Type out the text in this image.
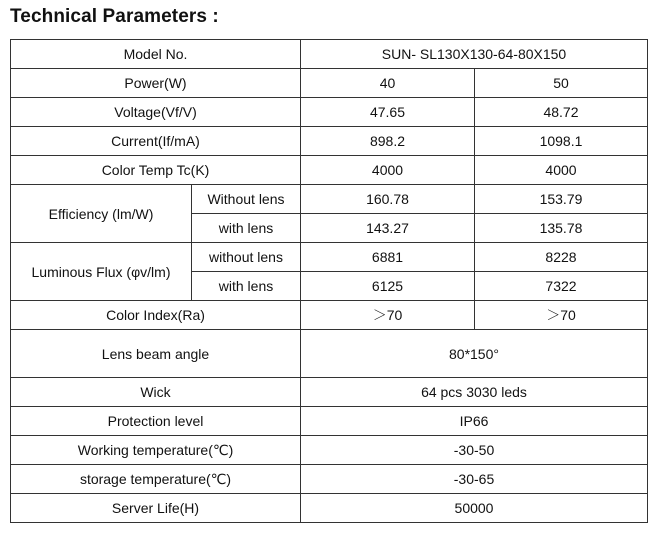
Technical Parameters :
Model No.		SUN- SL130X130-64-80X150	
Power(W)		40	50
Voltage(Vf/V)		47.65	48.72
Current(If/mA)		898.2	1098.1
Color Temp Tc(K)		4000	4000
Efficiency (lm/W)	Without lens	160.78	153.79
	with lens	143.27	135.78
Luminous Flux (φv/lm)	without lens	6881	8228
	with lens	6125	7322
Color Index(Ra)		＞70	＞70
Lens beam angle		80*150°	
Wick		64 pcs 3030 leds	
Protection level		IP66	
Working temperature(℃)		-30-50	
storage temperature(℃)		-30-65	
Server Life(H)		50000	
